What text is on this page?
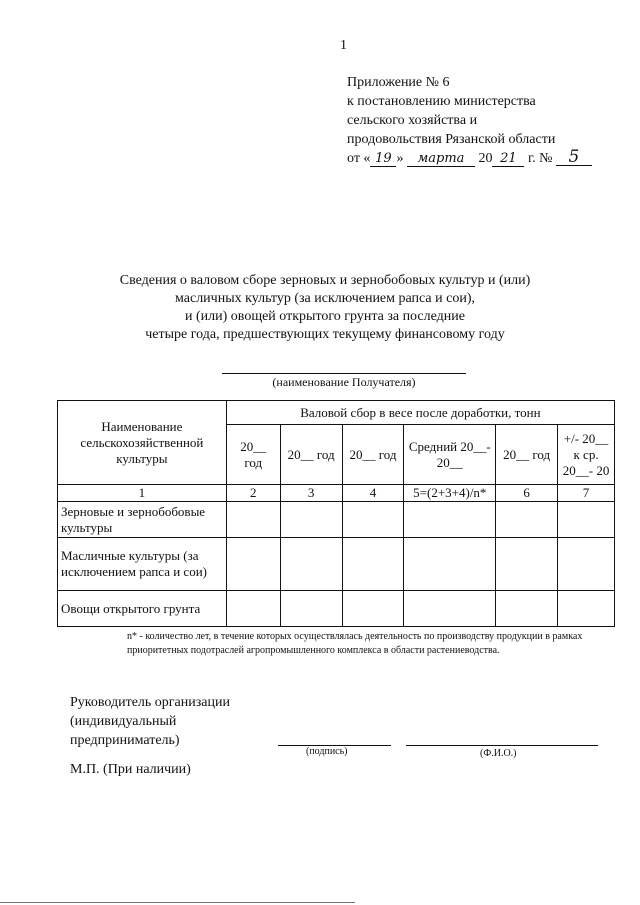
1
Приложение № 6
к постановлению министерства
сельского хозяйства и
продовольствия Рязанской области
от « 19 » марта 20 21 г. № 5
Сведения о валовом сборе зерновых и зернобобовых культур и (или)
масличных культур (за исключением рапса и сои),
и (или) овощей открытого грунта за последние
четыре года, предшествующих текущему финансовому году
(наименование Получателя)
Наименование сельскохозяйственной культуры	Валовой сбор в весе после доработки, тонн					
	20__ год	20__ год	20__ год	Средний 20__- 20__	20__ год	+/- 20__ к ср. 20__- 20
1	2	3	4	5=(2+3+4)/n*	6	7
Зерновые и зернобобовые культуры						
Масличные культуры (за исключением рапса и сои)						
Овощи открытого грунта						
n* - количество лет, в течение которых осуществлялась деятельность по производству продукции в рамках приоритетных подотраслей агропромышленного комплекса в области растениеводства.
Руководитель организации
(индивидуальный
предприниматель)
(подпись)	(Ф.И.О.)
М.П. (При наличии)
